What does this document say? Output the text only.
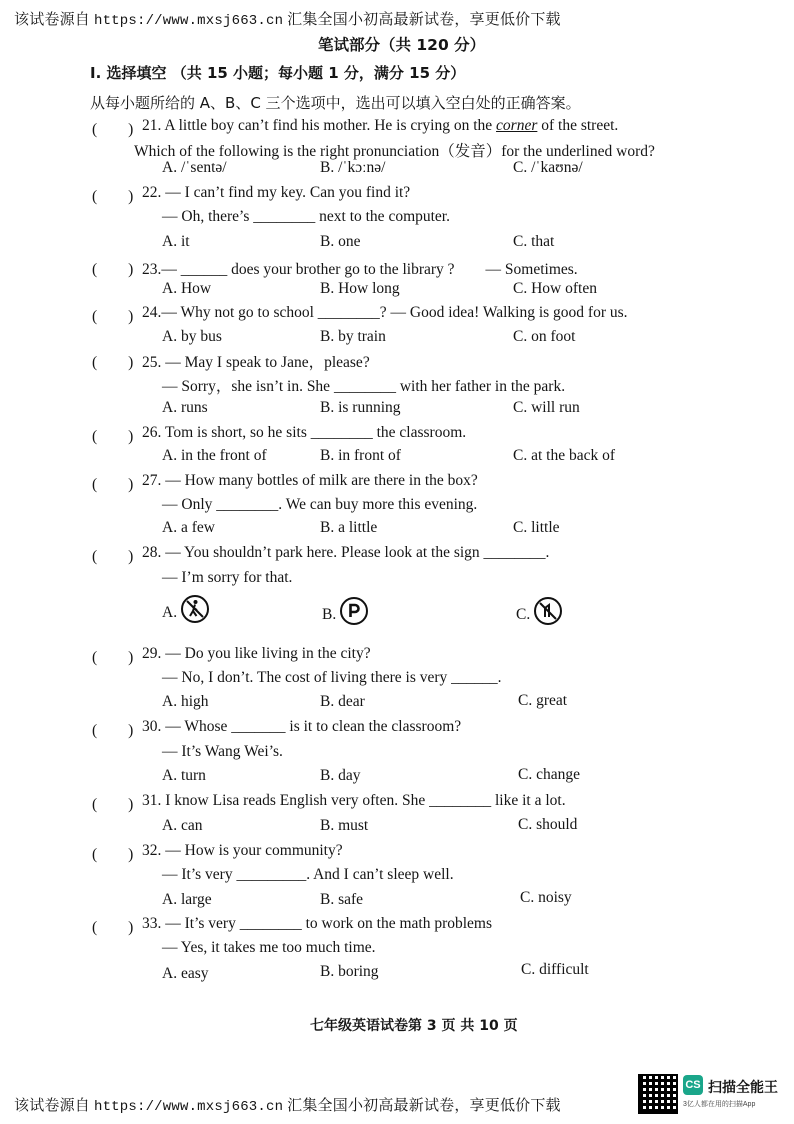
该试卷源自 https://www.mxsj663.cn 汇集全国小初高最新试卷，享更低价下载
笔试部分（共 120 分）
I. 选择填空 （共 15 小题；每小题 1 分，满分 15 分）
从每小题所给的 A、B、C 三个选项中，选出可以填入空白处的正确答案。
(　　) 21. A little boy can’t find his mother. He is crying on the corner of the street.
Which of the following is the right pronunciation（发音）for the underlined word?
A. /ˈsentə/	B. /ˈkɔːnə/	C. /ˈkaʊnə/
(　　) 22. — I can’t find my key. Can you find it?
— Oh, there’s ________ next to the computer.
A. it	B. one	C. that
(　　) 23.— ______ does your brother go to the library ?　　— Sometimes.
A. How	B. How long	C. How often
(　　) 24.— Why not go to school ________? — Good idea! Walking is good for us.
A. by bus	B. by train	C. on foot
(　　) 25. — May I speak to Jane，please?
— Sorry，she isn’t in. She ________ with her father in the park.
A. runs	B. is running	C. will run
(　　) 26. Tom is short, so he sits ________ the classroom.
A. in the front of	B. in front of	C. at the back of
(　　) 27. — How many bottles of milk are there in the box?
— Only ________. We can buy more this evening.
A. a few	B. a little	C. little
(　　) 28. — You shouldn’t park here. Please look at the sign ________.
— I’m sorry for that.
A.	B.	C.
(　　) 29. — Do you like living in the city?
— No, I don’t. The cost of living there is very ______.
A. high	B. dear	C. great
(　　) 30. — Whose _______ is it to clean the classroom?
— It’s Wang Wei’s.
A. turn	B. day	C. change
(　　) 31. I know Lisa reads English very often. She ________ like it a lot.
A. can	B. must	C. should
(　　) 32. — How is your community?
— It’s very _________. And I can’t sleep well.
A. large	B. safe	C. noisy
(　　) 33. — It’s very ________ to work on the math problems
— Yes, it takes me too much time.
A. easy	B. boring	C. difficult
七年级英语试卷第 3 页 共 10 页
该试卷源自 https://www.mxsj663.cn 汇集全国小初高最新试卷，享更低价下载
CS 扫描全能王
3亿人都在用的扫描App
